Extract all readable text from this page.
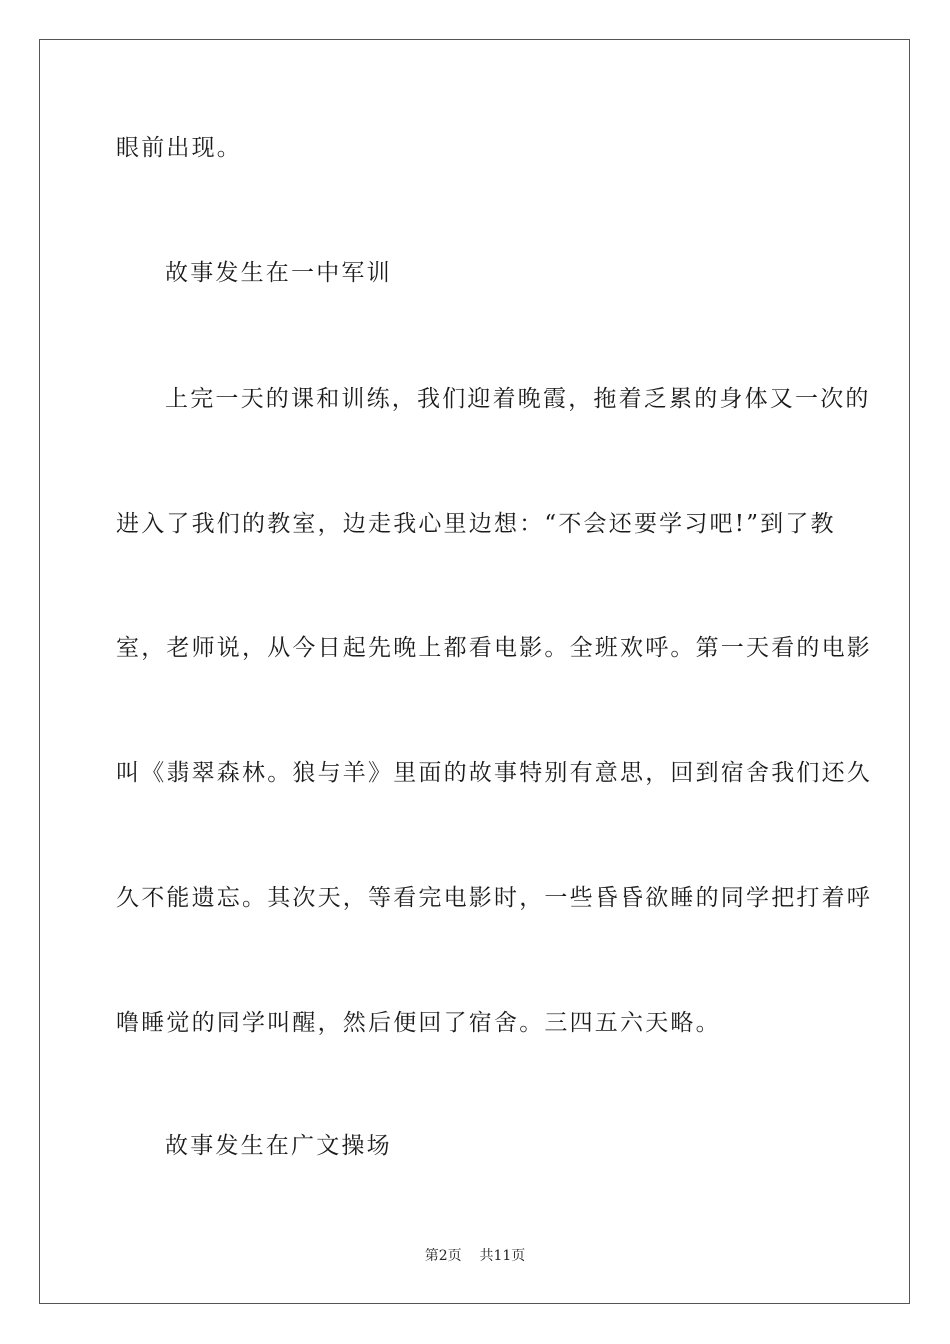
眼前出现。
故事发生在一中军训
上完一天的课和训练，我们迎着晚霞，拖着乏累的身体又一次的
进入了我们的教室，边走我心里边想：“不会还要学习吧!”到了教
室，老师说，从今日起先晚上都看电影。全班欢呼。第一天看的电影
叫《翡翠森林。狼与羊》里面的故事特别有意思，回到宿舍我们还久
久不能遗忘。其次天，等看完电影时，一些昏昏欲睡的同学把打着呼
噜睡觉的同学叫醒，然后便回了宿舍。三四五六天略。
故事发生在广文操场
第2页    共11页
